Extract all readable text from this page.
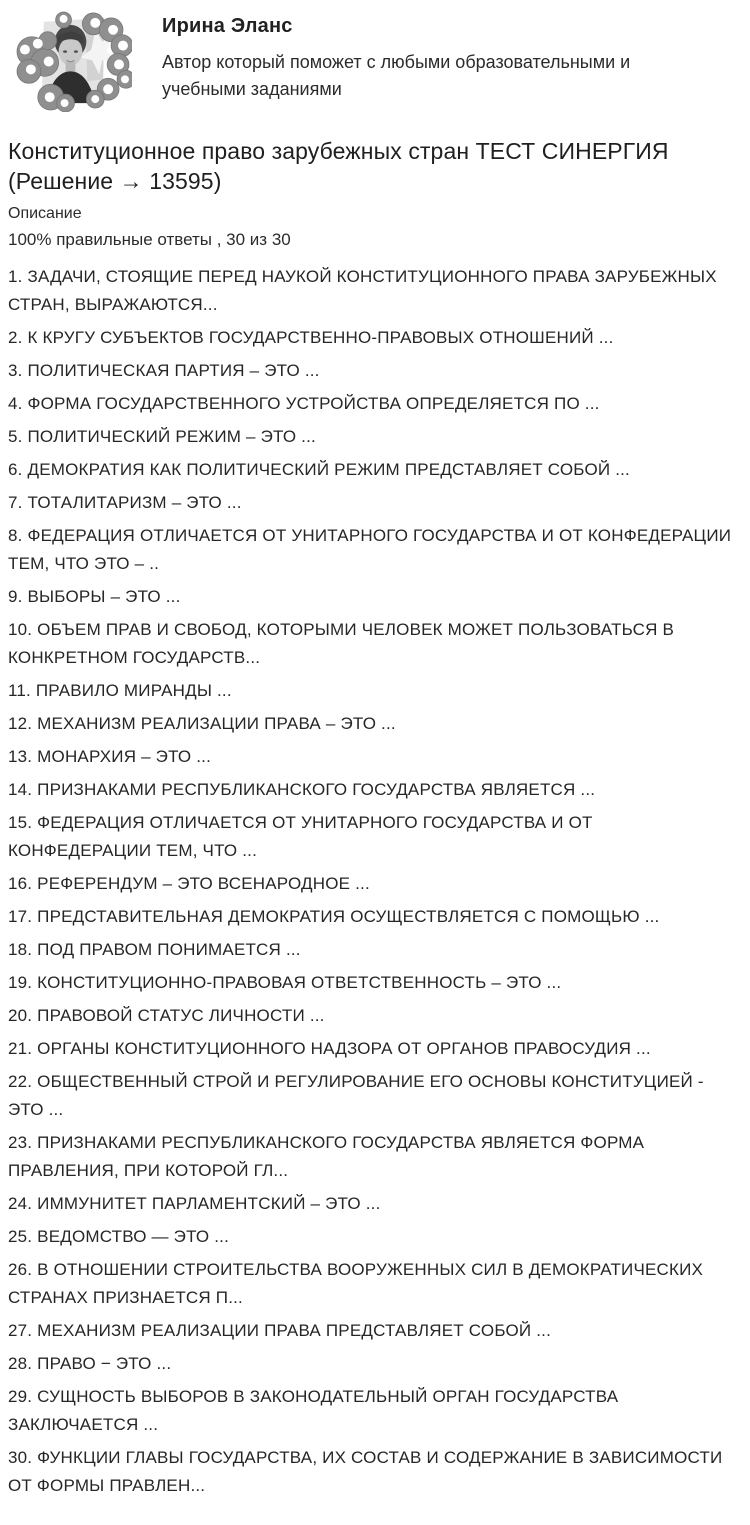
Ирина Эланс
Автор который поможет с любыми образовательными и учебными заданиями
Конституционное право зарубежных стран ТЕСТ СИНЕРГИЯ (Решение → 13595)
Описание
100% правильные ответы , 30 из 30

1. ЗАДАЧИ, СТОЯЩИЕ ПЕРЕД НАУКОЙ КОНСТИТУЦИОННОГО ПРАВА ЗАРУБЕЖНЫХ СТРАН, ВЫРАЖАЮТСЯ...

2. К КРУГУ СУБЪЕКТОВ ГОСУДАРСТВЕННО-ПРАВОВЫХ ОТНОШЕНИЙ ...

3. ПОЛИТИЧЕСКАЯ ПАРТИЯ – ЭТО ...

4. ФОРМА ГОСУДАРСТВЕННОГО УСТРОЙСТВА ОПРЕДЕЛЯЕТСЯ ПО ...

5. ПОЛИТИЧЕСКИЙ РЕЖИМ – ЭТО ...

6. ДЕМОКРАТИЯ КАК ПОЛИТИЧЕСКИЙ РЕЖИМ ПРЕДСТАВЛЯЕТ СОБОЙ ...

7. ТОТАЛИТАРИЗМ – ЭТО ...

8. ФЕДЕРАЦИЯ ОТЛИЧАЕТСЯ ОТ УНИТАРНОГО ГОСУДАРСТВА И ОТ КОНФЕДЕРАЦИИ ТЕМ, ЧТО ЭТО – ..

9. ВЫБОРЫ – ЭТО ...

10. ОБЪЕМ ПРАВ И СВОБОД, КОТОРЫМИ ЧЕЛОВЕК МОЖЕТ ПОЛЬЗОВАТЬСЯ В КОНКРЕТНОМ ГОСУДАРСТВ...

11. ПРАВИЛО МИРАНДЫ ...

12. МЕХАНИЗМ РЕАЛИЗАЦИИ ПРАВА – ЭТО ...

13. МОНАРХИЯ – ЭТО ...

14. ПРИЗНАКАМИ РЕСПУБЛИКАНСКОГО ГОСУДАРСТВА ЯВЛЯЕТСЯ ...

15. ФЕДЕРАЦИЯ ОТЛИЧАЕТСЯ ОТ УНИТАРНОГО ГОСУДАРСТВА И ОТ КОНФЕДЕРАЦИИ ТЕМ, ЧТО ...

16. РЕФЕРЕНДУМ – ЭТО ВСЕНАРОДНОЕ ...

17. ПРЕДСТАВИТЕЛЬНАЯ ДЕМОКРАТИЯ ОСУЩЕСТВЛЯЕТСЯ С ПОМОЩЬЮ ...

18. ПОД ПРАВОМ ПОНИМАЕТСЯ ...

19. КОНСТИТУЦИОННО-ПРАВОВАЯ ОТВЕТСТВЕННОСТЬ – ЭТО ...

20. ПРАВОВОЙ СТАТУС ЛИЧНОСТИ ...

21. ОРГАНЫ КОНСТИТУЦИОННОГО НАДЗОРА ОТ ОРГАНОВ ПРАВОСУДИЯ ...

22. ОБЩЕСТВЕННЫЙ СТРОЙ И РЕГУЛИРОВАНИЕ ЕГО ОСНОВЫ КОНСТИТУЦИЕЙ - ЭТО ...

23. ПРИЗНАКАМИ РЕСПУБЛИКАНСКОГО ГОСУДАРСТВА ЯВЛЯЕТСЯ ФОРМА ПРАВЛЕНИЯ, ПРИ КОТОРОЙ ГЛ...

24. ИММУНИТЕТ ПАРЛАМЕНТСКИЙ – ЭТО ...

25. ВЕДОМСТВО — ЭТО ...

26. В ОТНОШЕНИИ СТРОИТЕЛЬСТВА ВООРУЖЕННЫХ СИЛ В ДЕМОКРАТИЧЕСКИХ СТРАНАХ ПРИЗНАЕТСЯ П...

27. МЕХАНИЗМ РЕАЛИЗАЦИИ ПРАВА ПРЕДСТАВЛЯЕТ СОБОЙ ...

28. ПРАВО − ЭТО ...

29. СУЩНОСТЬ ВЫБОРОВ В ЗАКОНОДАТЕЛЬНЫЙ ОРГАН ГОСУДАРСТВА ЗАКЛЮЧАЕТСЯ ...

30. ФУНКЦИИ ГЛАВЫ ГОСУДАРСТВА, ИХ СОСТАВ И СОДЕРЖАНИЕ В ЗАВИСИМОСТИ ОТ ФОРМЫ ПРАВЛЕН...
